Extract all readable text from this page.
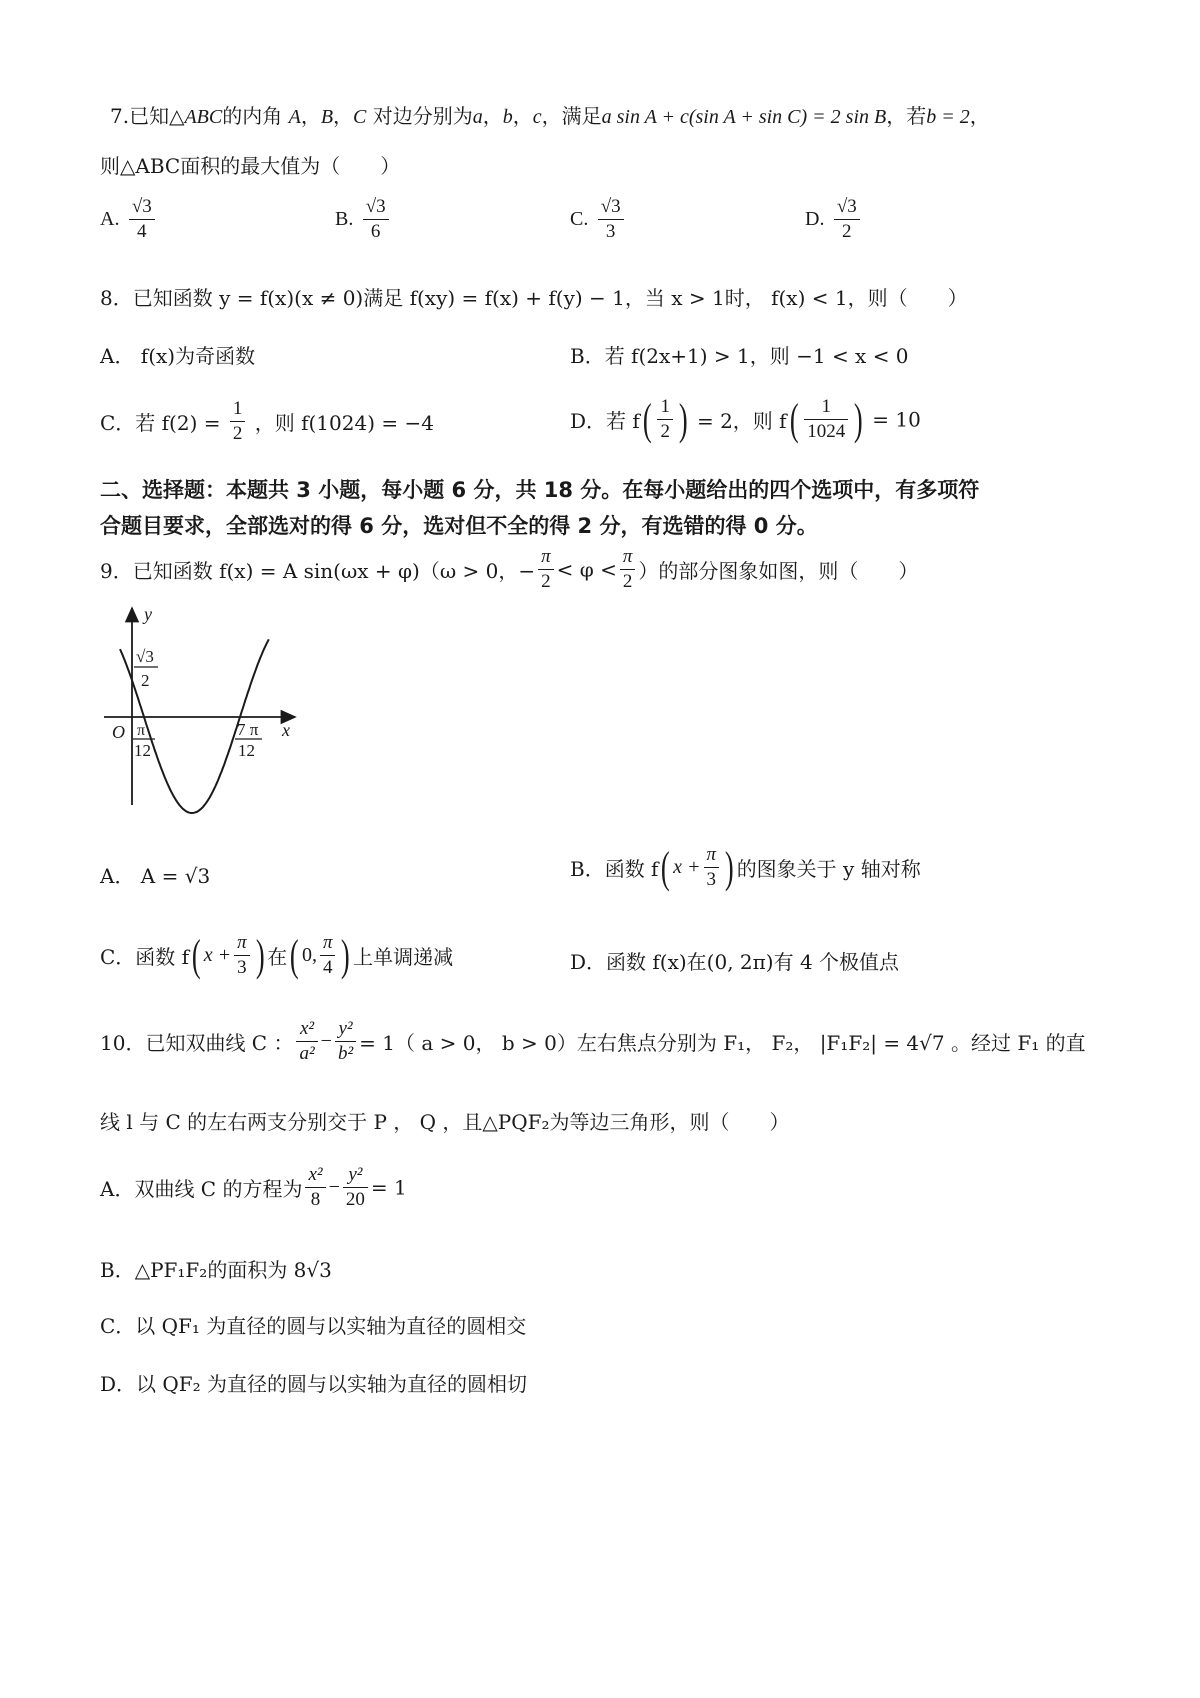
7.已知△ABC的内角 A，B，C 对边分别为a，b，c，满足a sin A + c(sin A + sin C) = 2 sin B，若b = 2，
则△ABC面积的最大值为（　　）
A. $\frac{√3}{4}$	B. $\frac{√3}{6}$	C. $\frac{√3}{3}$	D. $\frac{√3}{2}$
8．已知函数 y = f(x)(x ≠ 0)满足 f(xy) = f(x) + f(y) − 1，当 x > 1时， f(x) < 1，则（　　）
A． f(x)为奇函数	B．若 f(2x+1) > 1，则 −1 < x < 0
C．若 $f(2) = \frac{1}{2}$ ，则 f(1024) = −4	D．若 $f( \frac{1}{2}$ ) = 2，则 $f( \frac{1}{1024}$ ) = 10
二、选择题：本题共 3 小题，每小题 6 分，共 18 分。在每小题给出的四个选项中，有多项符
合题目要求，全部选对的得 6 分，选对但不全的得 2 分，有选错的得 0 分。
9．已知函数 f(x) = A sin(ωx + φ)（ω > 0，− $\frac{\pi}{2} < \varphi < \frac{\pi}{2}$ ）的部分图象如图，则（　　）
y
x
O
√3
2
π
12
7 π
12
A． A = √3	B．函数 f( $x + \frac{\pi}{3}$ ) 的图象关于 y 轴对称
C．函数 f( $x + \frac{\pi}{3}$ ) 在( 0, $\frac{\pi}{4}$ ) 上单调递减	D．函数 f(x)在(0, 2π)有 4 个极值点
10．已知双曲线 C ： $\frac{\text{x²}}{\text{a²}} - \frac{\text{y²}}{\text{b²}} = 1$（ a > 0， b > 0）左右焦点分别为 F₁， F₂， |F₁F₂| = 4√7 。经过 F₁ 的直
线 l 与 C 的左右两支分别交于 P ， Q ，且△PQF₂为等边三角形，则（　　）
A．双曲线 C 的方程为 $\frac{\text{x²}}{8} - \frac{\text{y²}}{20} = 1$
B．△PF₁F₂的面积为 8√3
C．以 QF₁ 为直径的圆与以实轴为直径的圆相交
D．以 QF₂ 为直径的圆与以实轴为直径的圆相切
